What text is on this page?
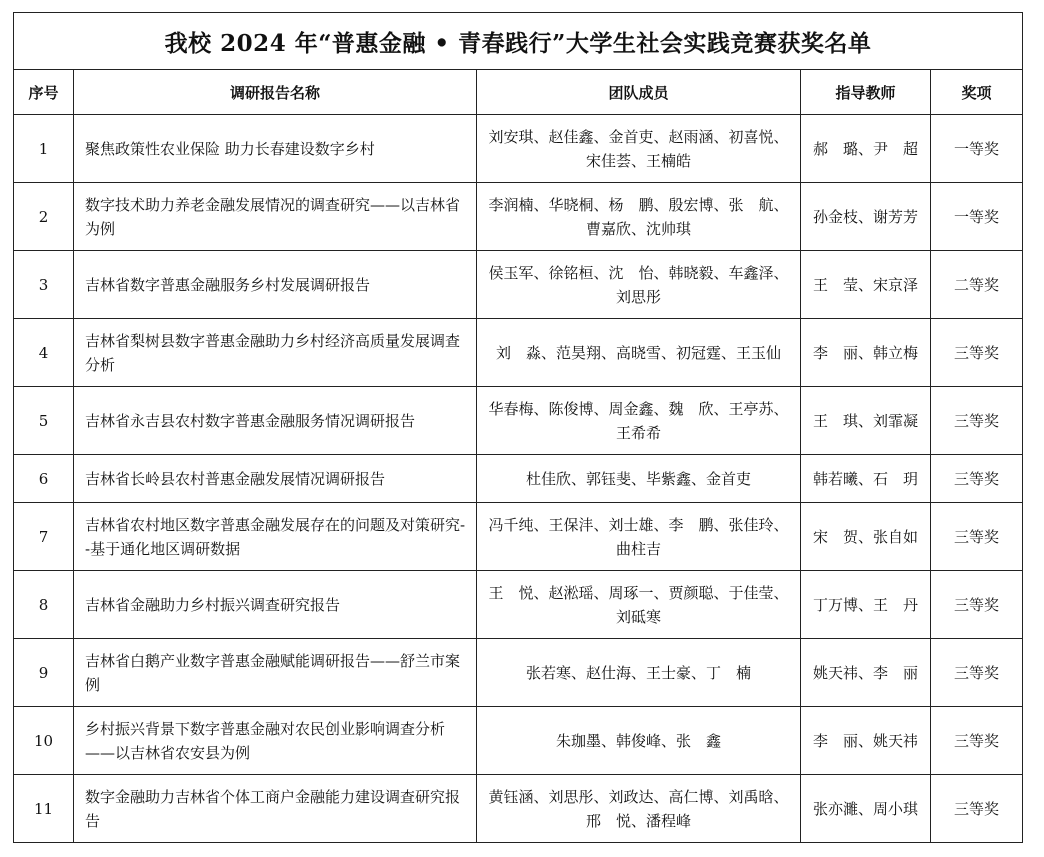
我校 2024 年“普惠金融 • 青春践行”大学生社会实践竞赛获奖名单				
序号	调研报告名称	团队成员	指导教师	奖项
1	聚焦政策性农业保险 助力长春建设数字乡村	刘安琪、赵佳鑫、金首吏、赵雨涵、初喜悦、宋佳荟、王楠皓	郝　璐、尹　超	一等奖
2	数字技术助力养老金融发展情况的调查研究——以吉林省为例	李润楠、华晓桐、杨　鹏、殷宏博、张　航、曹嘉欣、沈帅琪	孙金枝、谢芳芳	一等奖
3	吉林省数字普惠金融服务乡村发展调研报告	侯玉军、徐铭桓、沈　怡、韩晓毅、车鑫泽、刘思彤	王　莹、宋京泽	二等奖
4	吉林省梨树县数字普惠金融助力乡村经济高质量发展调查分析	刘　淼、范昊翔、高晓雪、初冠霆、王玉仙	李　丽、韩立梅	三等奖
5	吉林省永吉县农村数字普惠金融服务情况调研报告	华春梅、陈俊博、周金鑫、魏　欣、王亭苏、王希希	王　琪、刘霏凝	三等奖
6	吉林省长岭县农村普惠金融发展情况调研报告	杜佳欣、郭钰斐、毕紫鑫、金首吏	韩若曦、石　玥	三等奖
7	吉林省农村地区数字普惠金融发展存在的问题及对策研究--基于通化地区调研数据	冯千纯、王保沣、刘士雄、李　鹏、张佳玲、曲柱吉	宋　贺、张自如	三等奖
8	吉林省金融助力乡村振兴调查研究报告	王　悦、赵淞瑶、周琢一、贾颜聪、于佳莹、刘砥寒	丁万博、王　丹	三等奖
9	吉林省白鹅产业数字普惠金融赋能调研报告——舒兰市案例	张若寒、赵仕海、王士豪、丁　楠	姚天祎、李　丽	三等奖
10	乡村振兴背景下数字普惠金融对农民创业影响调查分析——以吉林省农安县为例	朱珈墨、韩俊峰、张　鑫	李　丽、姚天祎	三等奖
11	数字金融助力吉林省个体工商户金融能力建设调查研究报告	黄钰涵、刘思彤、刘政达、高仁博、刘禹晗、邢　悦、潘程峰	张亦濉、周小琪	三等奖
